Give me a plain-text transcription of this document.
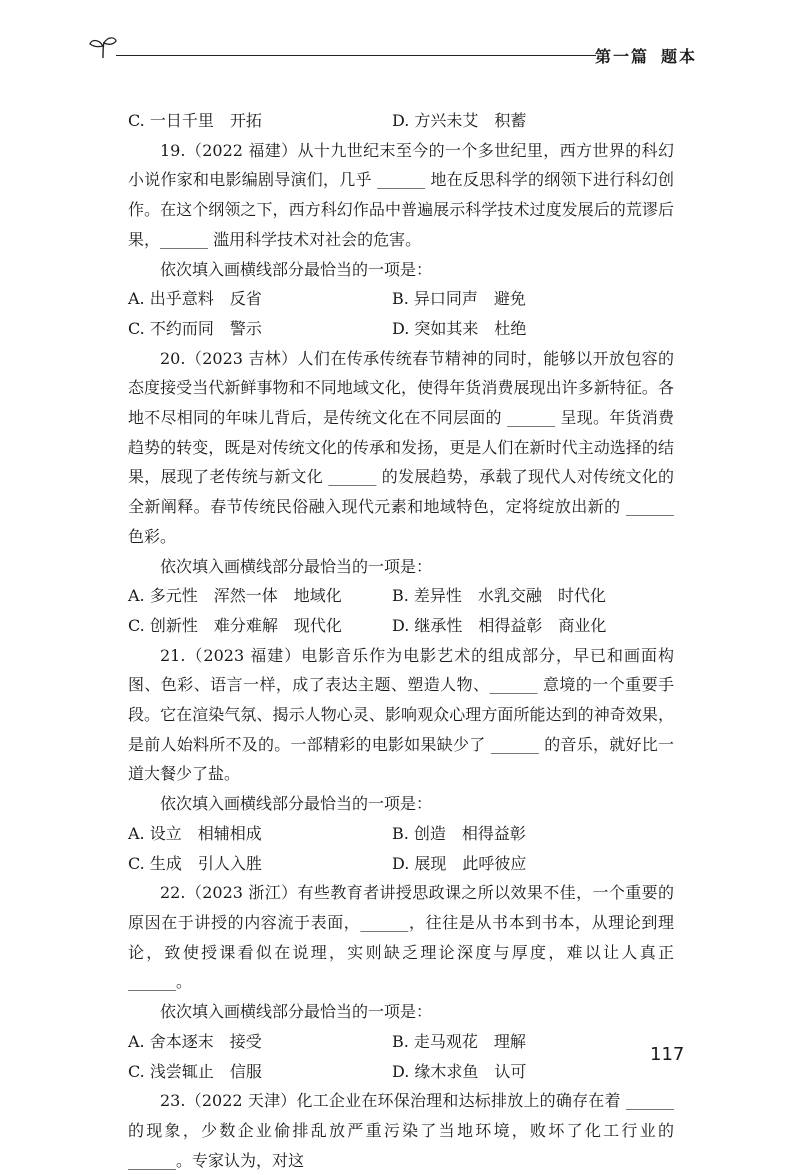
第一篇 题本
C. 一日千里　开拓	D. 方兴未艾　积蓄

19.（2022 福建）从十九世纪末至今的一个多世纪里，西方世界的科幻小说作家和电影编剧导演们，几乎 ______ 地在反思科学的纲领下进行科幻创作。在这个纲领之下，西方科幻作品中普遍展示科学技术过度发展后的荒谬后果，______ 滥用科学技术对社会的危害。

依次填入画横线部分最恰当的一项是：

A. 出乎意料　反省	B. 异口同声　避免
C. 不约而同　警示	D. 突如其来　杜绝

20.（2023 吉林）人们在传承传统春节精神的同时，能够以开放包容的态度接受当代新鲜事物和不同地域文化，使得年货消费展现出许多新特征。各地不尽相同的年味儿背后，是传统文化在不同层面的 ______ 呈现。年货消费趋势的转变，既是对传统文化的传承和发扬，更是人们在新时代主动选择的结果，展现了老传统与新文化 ______ 的发展趋势，承载了现代人对传统文化的全新阐释。春节传统民俗融入现代元素和地域特色，定将绽放出新的 ______ 色彩。

依次填入画横线部分最恰当的一项是：

A. 多元性　浑然一体　地域化	B. 差异性　水乳交融　时代化
C. 创新性　难分难解　现代化	D. 继承性　相得益彰　商业化

21.（2023 福建）电影音乐作为电影艺术的组成部分，早已和画面构图、色彩、语言一样，成了表达主题、塑造人物、______ 意境的一个重要手段。它在渲染气氛、揭示人物心灵、影响观众心理方面所能达到的神奇效果，是前人始料所不及的。一部精彩的电影如果缺少了 ______ 的音乐，就好比一道大餐少了盐。

依次填入画横线部分最恰当的一项是：

A. 设立　相辅相成	B. 创造　相得益彰
C. 生成　引人入胜	D. 展现　此呼彼应

22.（2023 浙江）有些教育者讲授思政课之所以效果不佳，一个重要的原因在于讲授的内容流于表面，______，往往是从书本到书本，从理论到理论，致使授课看似在说理，实则缺乏理论深度与厚度，难以让人真正 ______。

依次填入画横线部分最恰当的一项是：

A. 舍本逐末　接受	B. 走马观花　理解
C. 浅尝辄止　信服	D. 缘木求鱼　认可

23.（2022 天津）化工企业在环保治理和达标排放上的确存在着 ______ 的现象，少数企业偷排乱放严重污染了当地环境，败坏了化工行业的 ______。专家认为，对这

117
